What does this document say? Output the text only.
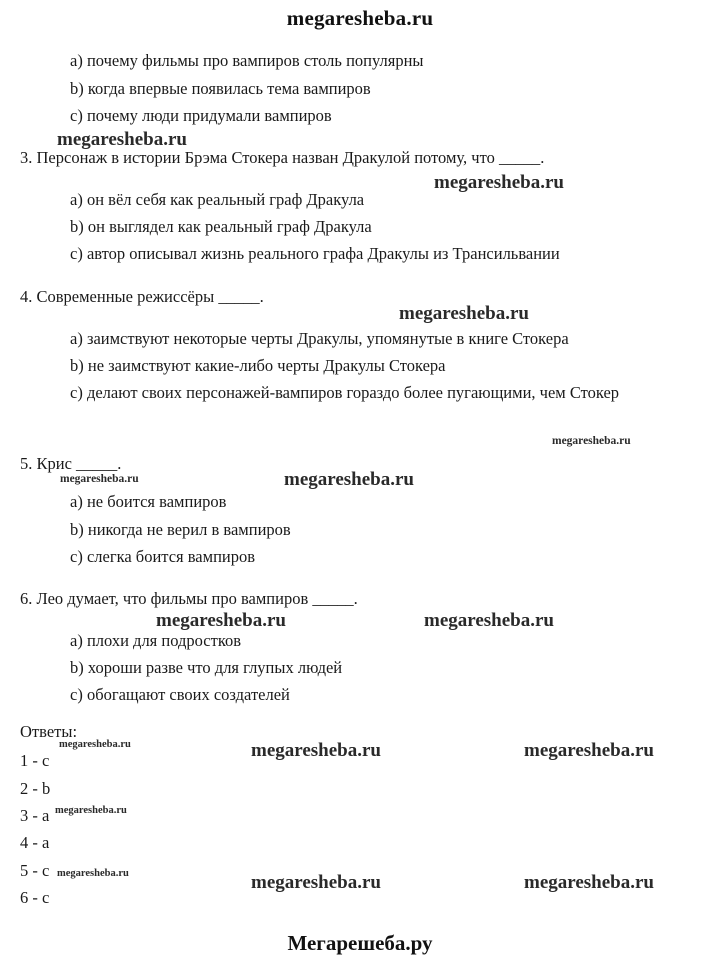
megaresheba.ru
a) почему фильмы про вампиров столь популярны
b) когда впервые появилась тема вампиров
c) почему люди придумали вампиров
3. Персонаж в истории Брэма Стокера назван Дракулой потому, что _____.
a) он вёл себя как реальный граф Дракула
b) он выглядел как реальный граф Дракула
c) автор описывал жизнь реального графа Дракулы из Трансильвании
4. Современные режиссёры _____.
a) заимствуют некоторые черты Дракулы, упомянутые в книге Стокера
b) не заимствуют какие-либо черты Дракулы Стокера
c) делают своих персонажей-вампиров гораздо более пугающими, чем Стокер
5. Крис _____.
a) не боится вампиров
b) никогда не верил в вампиров
c) слегка боится вампиров
6. Лео думает, что фильмы про вампиров _____.
a) плохи для подростков
b) хороши разве что для глупых людей
c) обогащают своих создателей
Ответы:
1 - c
2 - b
3 - a
4 - a
5 - c
6 - c
Мегарешеба.ру
megaresheba.ru
megaresheba.ru
megaresheba.ru
megaresheba.ru
megaresheba.ru
megaresheba.ru
megaresheba.ru	megaresheba.ru
megaresheba.ru	megaresheba.ru
megaresheba.ru
megaresheba.ru
megaresheba.ru	megaresheba.ru	megaresheba.ru
